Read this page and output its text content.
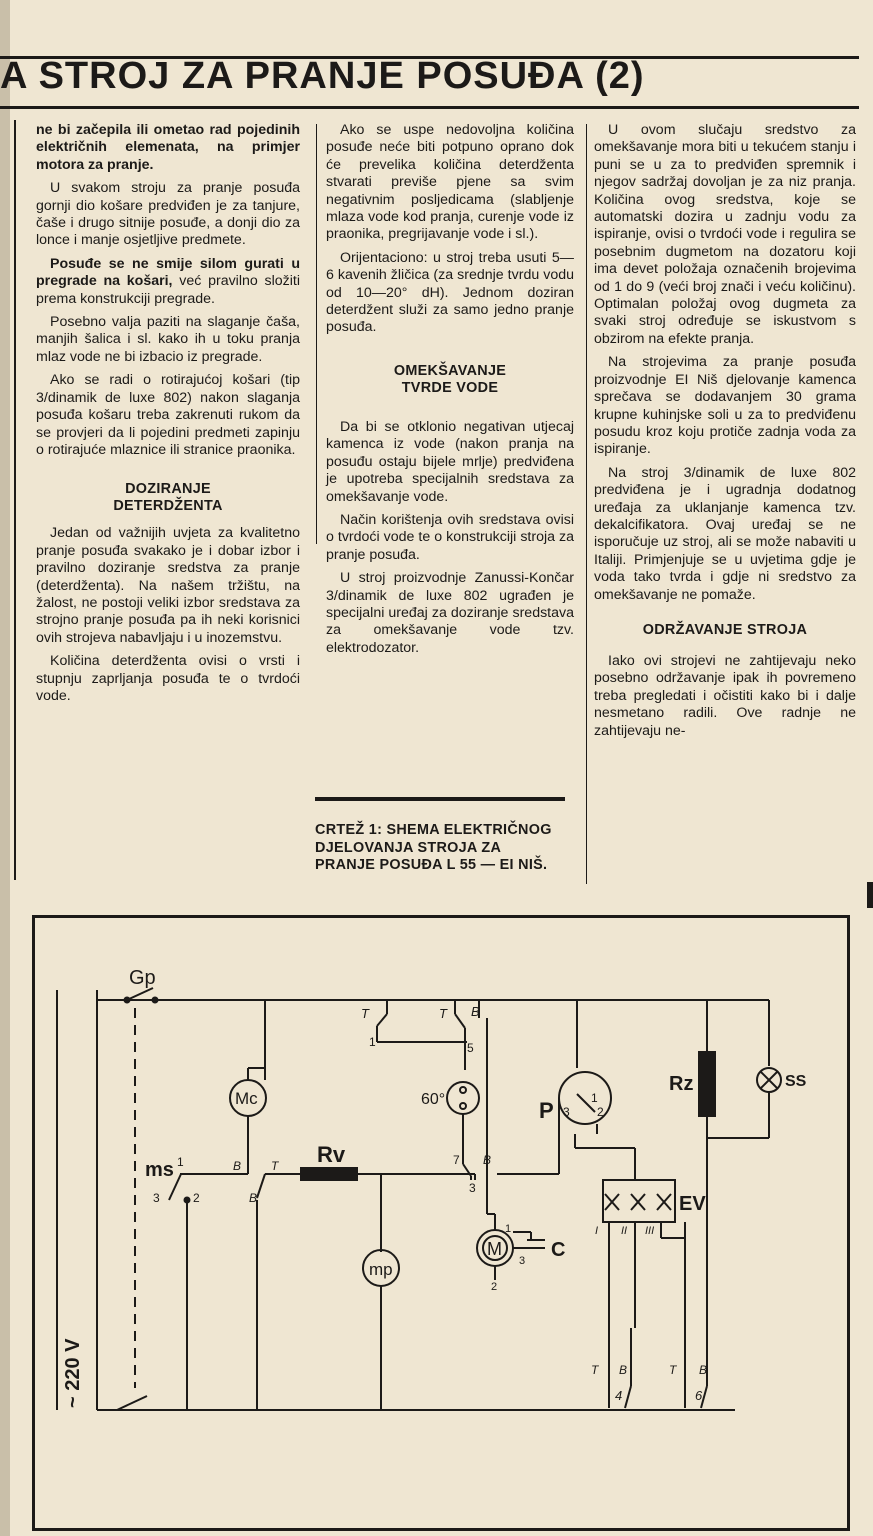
A STROJ ZA PRANJE POSUĐA (2)

ne bi začepila ili ometao rad pojedinih električnih elemenata, na primjer motora za pranje.

U svakom stroju za pranje posuđa gornji dio košare predviđen je za tanjure, čaše i drugo sitnije posuđe, a donji dio za lonce i manje osjetljive predmete.

Posuđe se ne smije silom gurati u pregrade na košari, već pravilno složiti prema konstrukciji pregrade.

Posebno valja paziti na slaganje čaša, manjih šalica i sl. kako ih u toku pranja mlaz vode ne bi izbacio iz pregrade.

Ako se radi o rotirajućoj košari (tip 3/dinamik de luxe 802) nakon slaganja posuđa košaru treba zakrenuti rukom da se provjeri da li pojedini predmeti zapinju o rotirajuće mlaznice ili stranice praonika.

DOZIRANJE
DETERDŽENTA

Jedan od važnijih uvjeta za kvalitetno pranje posuđa svakako je i dobar izbor i pravilno doziranje sredstva za pranje (deterdženta). Na našem tržištu, na žalost, ne postoji veliki izbor sredstava za strojno pranje posuđa pa ih neki korisnici ovih strojeva nabavljaju i u inozemstvu.

Količina deterdženta ovisi o vrsti i stupnju zaprljanja posuđa te o tvrdoći vode.

Ako se uspe nedovoljna količina posuđe neće biti potpuno oprano dok će prevelika količina deterdženta stvarati previše pjene sa svim negativnim posljedicama (slabljenje mlaza vode kod pranja, curenje vode iz praonika, pregrijavanje vode i sl.).

Orijentaciono: u stroj treba usuti 5—6 kavenih žličica (za srednje tvrdu vodu od 10—20° dH). Jednom doziran deterdžent služi za samo jedno pranje posuđa.

OMEKŠAVANJE
TVRDE VODE

Da bi se otklonio negativan utjecaj kamenca iz vode (nakon pranja na posuđu ostaju bijele mrlje) predviđena je upotreba specijalnih sredstava za omekšavanje vode.

Način korištenja ovih sredstava ovisi o tvrdoći vode te o konstrukciji stroja za pranje posuđa.

U stroj proizvodnje Zanussi-Končar 3/dinamik de luxe 802 ugrađen je specijalni uređaj za doziranje sredstava za omekšavanje vode tzv. elektrodozator.

CRTEŽ 1: SHEMA ELEKTRIČNOG DJELOVANJA STROJA ZA PRANJE POSUĐA L 55 — EI NIŠ.

U ovom slučaju sredstvo za omekšavanje mora biti u tekućem stanju i puni se u za to predviđen spremnik i njegov sadržaj dovoljan je za niz pranja. Količina ovog sredstva, koje se automatski dozira u zadnju vodu za ispiranje, ovisi o tvrdoći vode i regulira se posebnim dugmetom na dozatoru koji ima devet položaja označenih brojevima od 1 do 9 (veći broj znači i veću količinu). Optimalan položaj ovog dugmeta za svaki stroj određuje se iskustvom s obzirom na efekte pranja.

Na strojevima za pranje posuđa proizvodnje EI Niš djelovanje kamenca sprečava se dodavanjem 30 grama krupne kuhinjske soli u za to predviđenu posudu kroz koju protiče zadnja voda za ispiranje.

Na stroj 3/dinamik de luxe 802 predviđena je i ugradnja dodatnog uređaja za uklanjanje kamenca tzv. dekalcifikatora. Ovaj uređaj se ne isporučuje uz stroj, ali se može nabaviti u Italiji. Primjenjuje se u uvjetima gdje je voda tako tvrda i gdje ni sredstvo za omekšavanje ne pomaže.

ODRŽAVANJE STROJA

Iako ovi strojevi ne zahtijevaju neko posebno održavanje ipak ih povremeno treba pregledati i očistiti kako bi i dalje nesmetano radili. Ove radnje ne zahtijevaju ne-

Gp
Mc
ms
Rv
mp
M C
P
Rz	SS
EV
60°
~ 220 V
T	T B
1	5
B T
B
3	2
1	7 B
3
3 2
1
3
2
1	I II III
T B
4
T B
6
